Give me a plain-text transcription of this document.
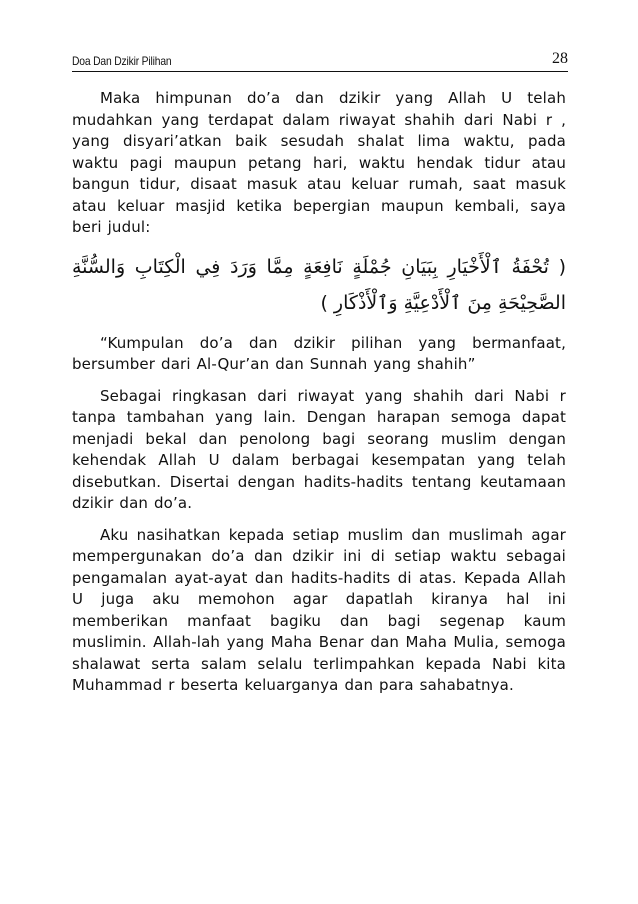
Doa Dan Dzikir Pilihan	28

Maka himpunan do’a dan dzikir yang Allah U telah mudahkan yang terdapat dalam riwayat shahih dari Nabi r , yang disyari’atkan baik sesudah shalat lima waktu, pada waktu pagi maupun petang hari, waktu hendak tidur atau bangun tidur, disaat masuk atau keluar rumah, saat masuk atau keluar masjid ketika bepergian maupun kembali, saya beri judul:

( تُحْفَةُ ٱلْأَخْيَارِ بِبَيَانِ جُمْلَةٍ نَافِعَةٍ مِمَّا وَرَدَ فِي الْكِتَابِ وَالسُّنَّةِ الصَّحِيْحَةِ مِنَ ٱلْأَدْعِيَّةِ وَٱلْأَذْكَارِ )

“Kumpulan do’a dan dzikir pilihan yang bermanfaat, bersumber dari Al-Qur’an dan Sunnah yang shahih”

Sebagai ringkasan dari riwayat yang shahih dari Nabi r tanpa tambahan yang lain. Dengan harapan semoga dapat menjadi bekal dan penolong bagi seorang muslim dengan kehendak Allah U dalam berbagai kesempatan yang telah disebutkan. Disertai dengan hadits-hadits tentang keutamaan dzikir dan do’a.

Aku nasihatkan kepada setiap muslim dan muslimah agar mempergunakan do’a dan dzikir ini di setiap waktu sebagai pengamalan ayat-ayat dan hadits-hadits di atas. Kepada Allah U juga aku memohon agar dapatlah kiranya hal ini memberikan manfaat bagiku dan bagi segenap kaum muslimin. Allah-lah yang Maha Benar dan Maha Mulia, semoga shalawat serta salam selalu terlimpahkan kepada Nabi kita Muhammad r beserta keluarganya dan para sahabatnya.
